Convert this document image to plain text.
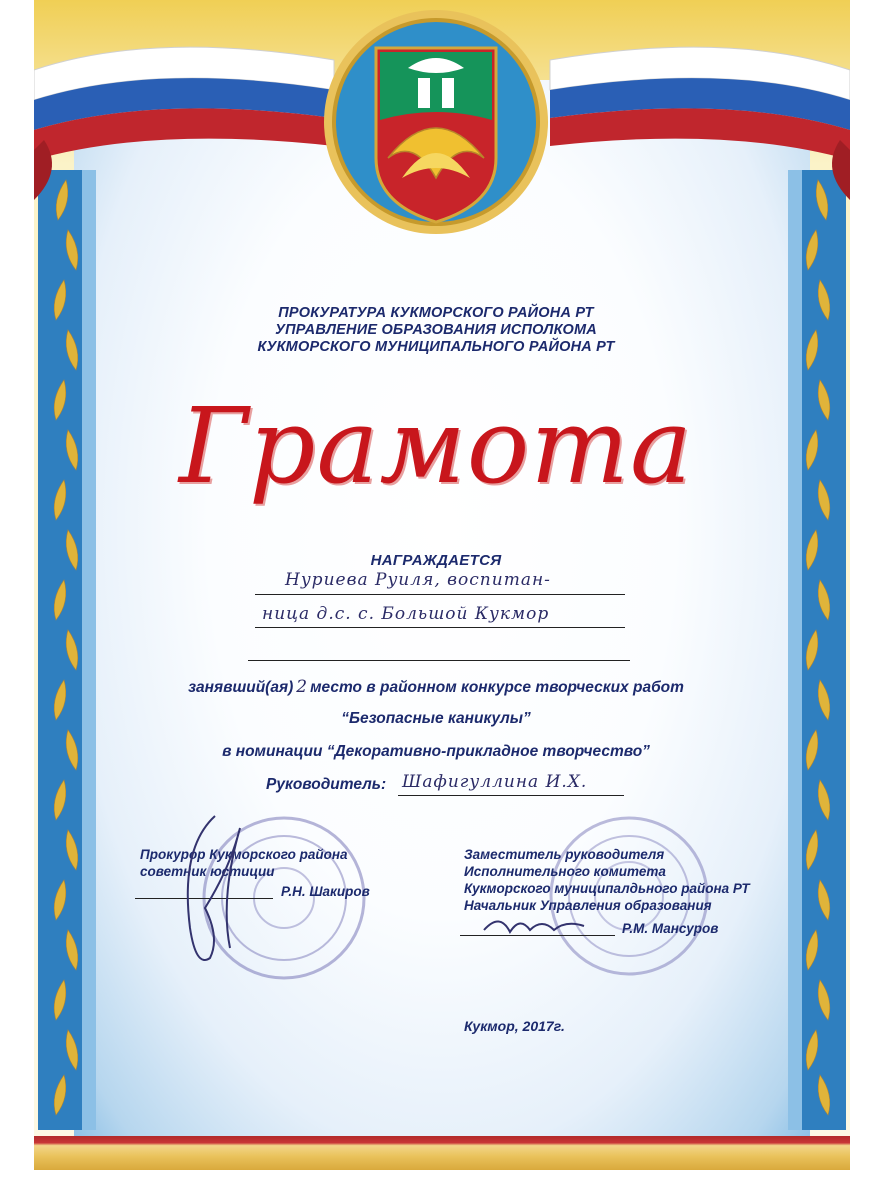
ПРОКУРАТУРА КУКМОРСКОГО РАЙОНА РТ
УПРАВЛЕНИЕ ОБРАЗОВАНИЯ ИСПОЛКОМА
КУКМОРСКОГО МУНИЦИПАЛЬНОГО РАЙОНА РТ
Грамота
НАГРАЖДАЕТСЯ
Нуриева Руиля, воспитан-
ница д.с. с. Большой Кукмор
занявший(ая) 2 место в районном конкурсе творческих работ
“Безопасные каникулы”
в номинации “Декоративно-прикладное творчество”
Руководитель: Шафигуллина И.Х.
Прокурор Кукморского района
советник юстиции
Р.Н. Шакиров
Заместитель руководителя
Исполнительного комитета
Кукморского муниципалдьного района РТ
Начальник Управления образования
Р.М. Мансуров
Кукмор, 2017г.
